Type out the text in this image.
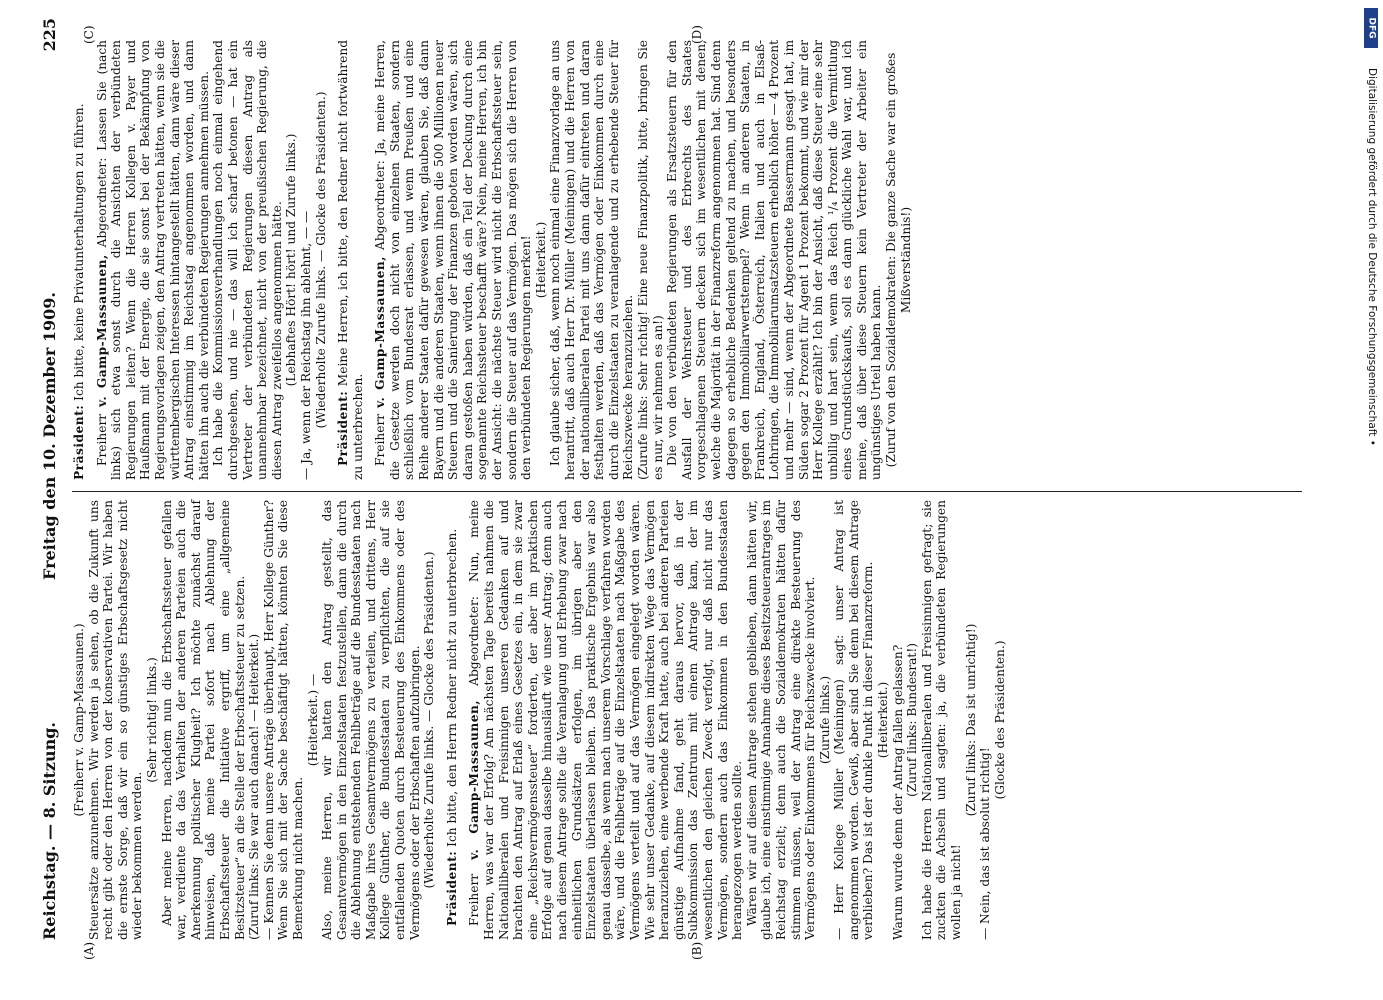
Reichstag. — 8. Sitzung.
Freitag den 10. Dezember 1909.
225
(A)	(B)
(C)	(D)

(Freiherr v. Gamp-Massaunen.) Steuersätze anzunehmen. Wir werden ja sehen, ob die Zukunft uns recht gibt oder den Herren von der konservativen Partei. Wir haben die ernste Sorge, daß wir ein so günstiges Erbschaftsgesetz nicht wieder bekommen werden.

(Sehr richtig! links.) Aber meine Herren, nachdem nun die Erbschaftssteuer gefallen war, verdiente da das Verhalten der anderen Parteien auch die Anerkennung politischer Klugheit? Ich möchte zunächst darauf hinweisen, daß meine Partei sofort nach Ablehnung der Erbschaftssteuer die Initiative ergriff, um eine „allgemeine Besitzsteuer“ an die Stelle der Erbschaftssteuer zu setzen. (Zuruf links: Sie war auch danach! — Heiterkeit.) — Kennen Sie denn unsere Anträge überhaupt, Herr Kollege Günther? Wenn Sie sich mit der Sache beschäftigt hätten, könnten Sie diese Bemerkung nicht machen.

(Heiterkeit.) — Also, meine Herren, wir hatten den Antrag gestellt, das Gesamtvermögen in den Einzelstaaten festzustellen, dann die durch die Ablehnung entstehenden Fehlbeträge auf die Bundesstaaten nach Maßgabe ihres Gesamtvermögens zu verteilen, und drittens, Herr Kollege Günther, die Bundesstaaten zu verpflichten, die auf sie entfallenden Quoten durch Besteuerung des Einkommens oder des Vermögens oder der Erbschaften aufzubringen. (Wiederholte Zurufe links. — Glocke des Präsidenten.) Präsident: Ich bitte, den Herrn Redner nicht zu unterbrechen.

Freiherr v. Gamp-Massaunen, Abgeordneter: Nun, meine Herren, was war der Erfolg? Am nächsten Tage bereits nahmen die Nationalliberalen und Freisinnigen unseren Gedanken auf und brachten den Antrag auf Erlaß eines Gesetzes ein, in dem sie zwar eine „Reichsvermögenssteuer“ forderten, der aber im praktischen Erfolge auf genau dasselbe hinausläuft wie unser Antrag; denn auch nach diesem Antrage sollte die Veranlagung und Erhebung zwar nach einheitlichen Grundsätzen erfolgen, im übrigen aber den Einzelstaaten überlassen bleiben. Das praktische Ergebnis war also genau dasselbe, als wenn nach unserem Vorschlage verfahren worden wäre, und die Fehlbeträge auf die Einzelstaaten nach Maßgabe des Vermögens verteilt und auf das Vermögen eingelegt worden wären. Wie sehr unser Gedanke, auf diesem indirekten Wege das Vermögen heranzuziehen, eine werbende Kraft hatte, auch bei anderen Parteien günstige Aufnahme fand, geht daraus hervor, daß in der Subkommission das Zentrum mit einem Antrage kam, der im wesentlichen den gleichen Zweck verfolgt, nur daß nicht nur das Vermögen, sondern auch das Einkommen in den Bundesstaaten herangezogen werden sollte. Wären wir auf diesem Antrage stehen geblieben, dann hätten wir, glaube ich, eine einstimmige Annahme dieses Besitzsteuerantrages im Reichstag erzielt; denn auch die Sozialdemokraten hätten dafür stimmen müssen, weil der Antrag eine direkte Besteuerung des Vermögens oder Einkommens für Reichszwecke involviert. (Zurufe links.) — Herr Kollege Müller (Meiningen) sagt: unser Antrag ist angenommen worden. Gewiß, aber sind Sie denn bei diesem Antrage verblieben? Das ist der dunkle Punkt in dieser Finanzreform. (Heiterkeit.) Warum wurde denn der Antrag fallen gelassen? (Zuruf links: Bundesrat!) Ich habe die Herren Nationalliberalen und Freisinnigen gefragt; sie zuckten die Achseln und sagten: ja, die verbündeten Regierungen wollen ja nicht!

(Zuruf links: Das ist unrichtig!)

— Nein, das ist absolut richtig!

(Glocke des Präsidenten.)

Präsident: Ich bitte, keine Privatunterhaltungen zu führen.

Freiherr v. Gamp-Massaunen, Abgeordneter: Lassen Sie (nach links) sich etwa sonst durch die Ansichten der verbündeten Regierungen leiten? Wenn die Herren Kollegen v. Payer und Haußmann mit der Energie, die sie sonst bei der Bekämpfung von Regierungsvorlagen zeigen, den Antrag vertreten hätten, wenn sie die württembergischen Interessen hintangestellt hätten, dann wäre dieser Antrag einstimmig im Reichstag angenommen worden, und dann hätten ihn auch die verbündeten Regierungen annehmen müssen. Ich habe die Kommissionsverhandlungen noch einmal eingehend durchgesehen, und nie — das will ich scharf betonen — hat ein Vertreter der verbündeten Regierungen diesen Antrag als unannehmbar bezeichnet, nicht von der preußischen Regierung, die diesen Antrag zweifellos angenommen hätte. (Lebhaftes Hört! hört! und Zurufe links.) — Ja, wenn der Reichstag ihn ablehnt, — — (Wiederholte Zurufe links. — Glocke des Präsidenten.) Präsident: Meine Herren, ich bitte, den Redner nicht fortwährend zu unterbrechen. Freiherr v. Gamp-Massaunen, Abgeordneter: Ja, meine Herren, die Gesetze werden doch nicht von einzelnen Staaten, sondern schließlich vom Bundesrat erlassen, und wenn Preußen und eine Reihe anderer Staaten dafür gewesen wären, glauben Sie, daß dann Bayern und die anderen Staaten, wenn ihnen die 500 Millionen neuer Steuern und die Sanierung der Finanzen geboten worden wären, sich daran gestoßen haben würden, daß ein Teil der Deckung durch eine sogenannte Reichssteuer beschafft wäre? Nein, meine Herren, ich bin der Ansicht: die nächste Steuer wird nicht die Erbschaftssteuer sein, sondern die Steuer auf das Vermögen. Das mögen sich die Herren von den verbündeten Regierungen merken! (Heiterkeit.) Ich glaube sicher, daß, wenn noch einmal eine Finanzvorlage an uns herantritt, daß auch Herr Dr. Müller (Meiningen) und die Herren von der nationalliberalen Partei mit uns dann dafür eintreten und daran festhalten werden, daß das Vermögen oder Einkommen durch eine durch die Einzelstaaten zu veranlagende und zu erhebende Steuer für Reichszwecke heranzuziehen. (Zurufe links: Sehr richtig! Eine neue Finanzpolitik, bitte, bringen Sie es nur, wir nehmen es an!) Die von den verbündeten Regierungen als Ersatzsteuern für den Ausfall der Wehrsteuer und des Erbrechts des Staates vorgeschlagenen Steuern decken sich im wesentlichen mit denen, welche die Majorität in der Finanzreform angenommen hat. Sind denn dagegen so erhebliche Bedenken geltend zu machen, und besonders gegen den Immobiliarwertstempel? Wenn in anderen Staaten, in Frankreich, England, Österreich, Italien und auch in Elsaß-Lothringen, die Immobiliarumsatzsteuern erheblich höher — 4 Prozent und mehr — sind, wenn der Abgeordnete Bassermann gesagt hat, im Süden sogar 2 Prozent für Agent 1 Prozent bekommt, und wie mir der Herr Kollege erzählt? Ich bin der Ansicht, daß diese Steuer eine sehr unbillig und hart sein, wenn das Reich ¹/₄ Prozent die Vermittlung eines Grundstückskaufs, soll es dann glückliche Wahl war, und ich meine, daß über diese Steuern kein Vertreter der Arbeiter ein ungünstiges Urteil haben kann. (Zuruf von den Sozialdemokraten: Die ganze Sache war ein großes Mißverständnis!)	Digitalisierung gefördert durch die Deutsche Forschungsgemeinschaft •
DFG
